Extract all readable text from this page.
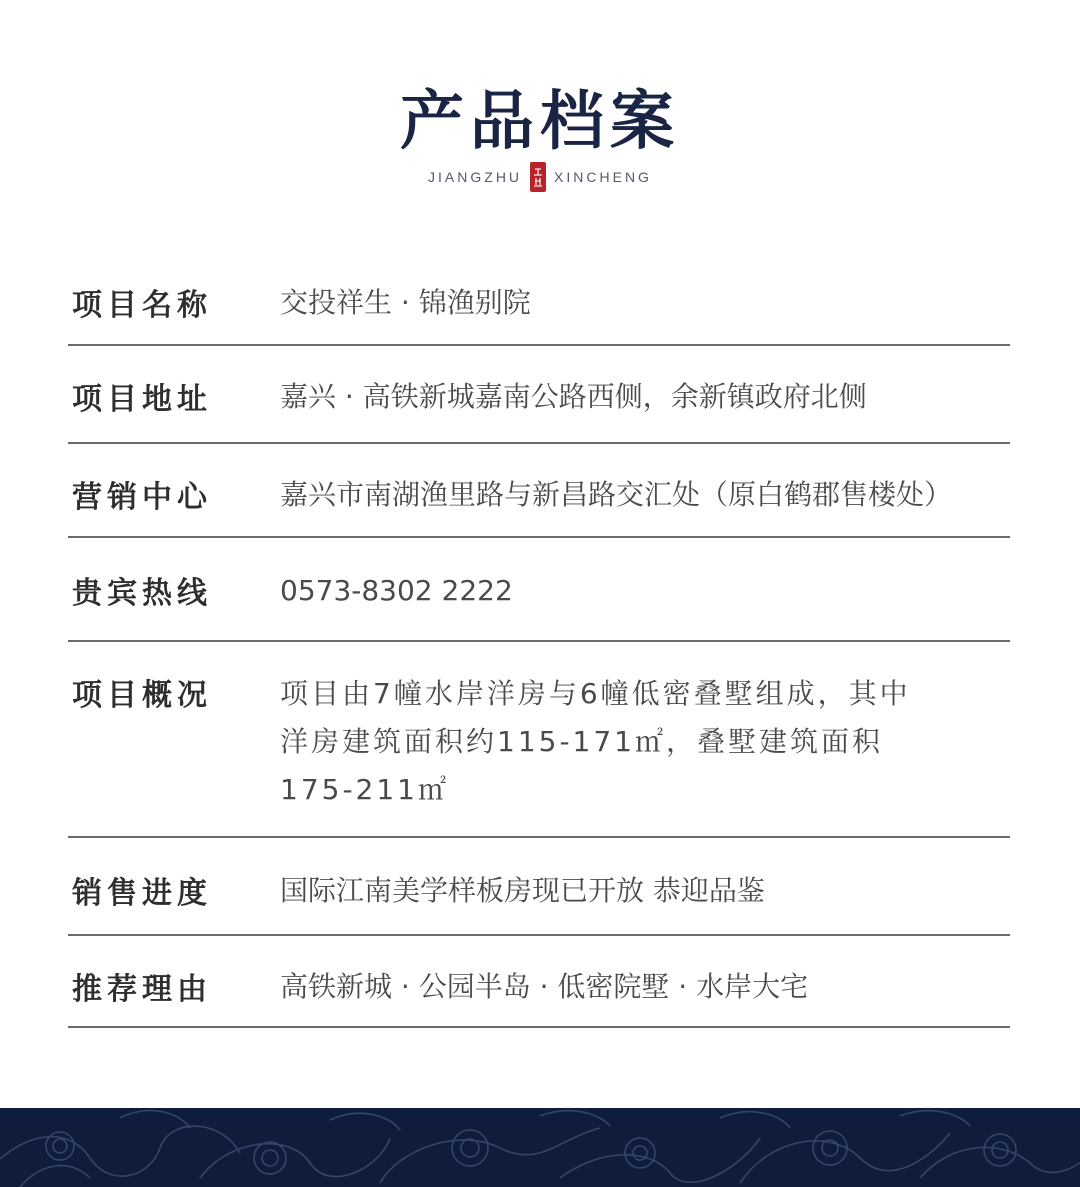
产品档案
JIANGZHU XINCHENG
项目名称	交投祥生 · 锦渔别院
项目地址	嘉兴 · 高铁新城嘉南公路西侧，余新镇政府北侧
营销中心	嘉兴市南湖渔里路与新昌路交汇处（原白鹤郡售楼处）
贵宾热线	0573-8302 2222
项目概况	项目由7幢水岸洋房与6幢低密叠墅组成，其中
洋房建筑面积约115-171㎡，叠墅建筑面积
175-211㎡
销售进度	国际江南美学样板房现已开放 恭迎品鉴
推荐理由	高铁新城 · 公园半岛 · 低密院墅 · 水岸大宅
